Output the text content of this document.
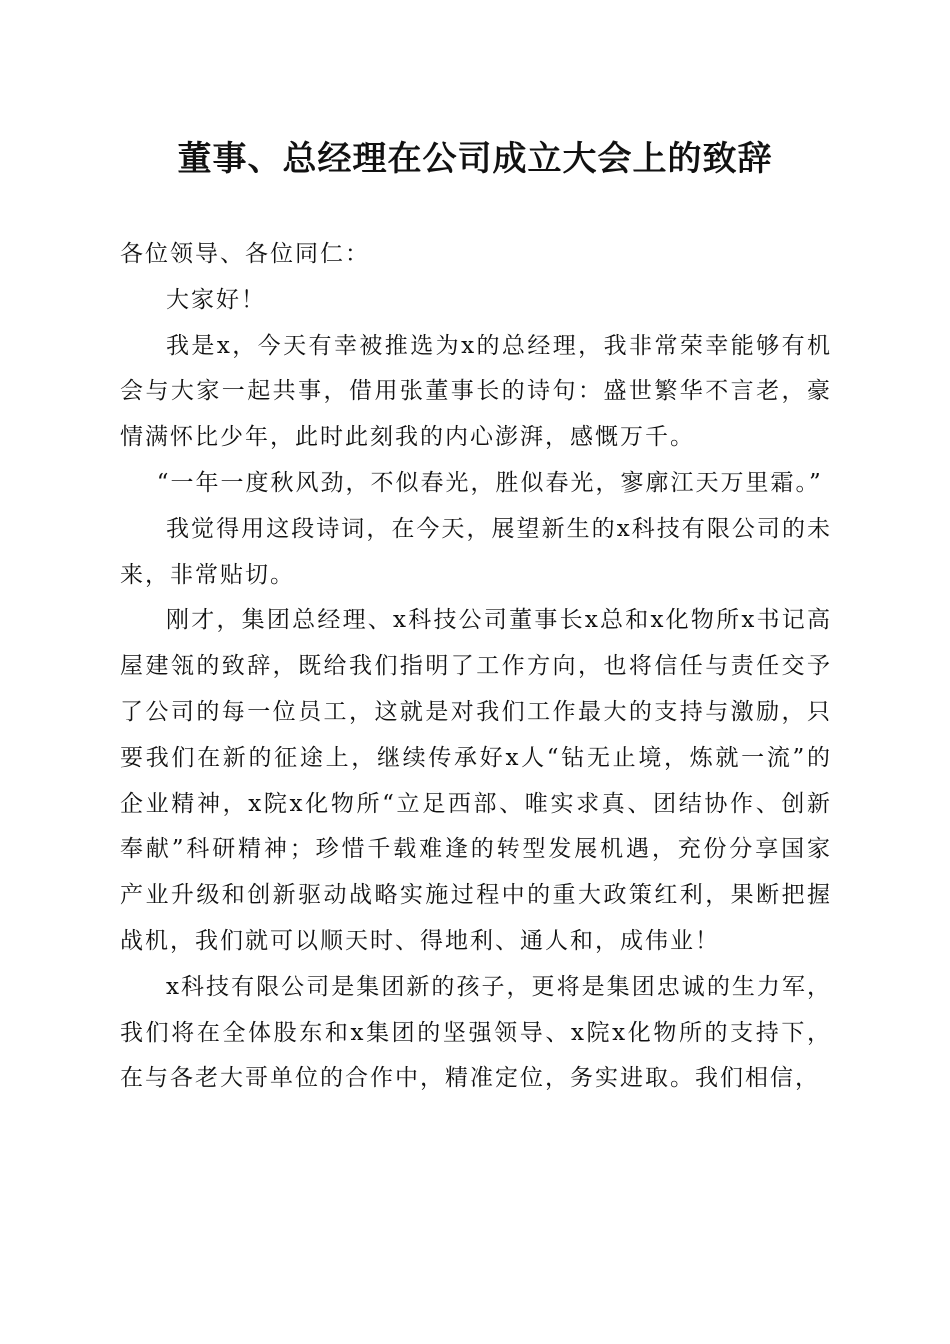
董事、总经理在公司成立大会上的致辞

各位领导、各位同仁：

大家好！

我是x，今天有幸被推选为x的总经理，我非常荣幸能够有机会与大家一起共事，借用张董事长的诗句：盛世繁华不言老，豪情满怀比少年，此时此刻我的内心澎湃，感慨万千。

“一年一度秋风劲，不似春光，胜似春光，寥廓江天万里霜。”

我觉得用这段诗词，在今天，展望新生的x科技有限公司的未来，非常贴切。

刚才，集团总经理、x科技公司董事长x总和x化物所x书记高屋建瓴的致辞，既给我们指明了工作方向，也将信任与责任交予了公司的每一位员工，这就是对我们工作最大的支持与激励，只要我们在新的征途上，继续传承好x人“钻无止境，炼就一流”的企业精神，x院x化物所“立足西部、唯实求真、团结协作、创新奉献”科研精神；珍惜千载难逢的转型发展机遇，充份分享国家产业升级和创新驱动战略实施过程中的重大政策红利，果断把握战机，我们就可以顺天时、得地利、通人和，成伟业！

x科技有限公司是集团新的孩子，更将是集团忠诚的生力军，我们将在全体股东和x集团的坚强领导、x院x化物所的支持下，在与各老大哥单位的合作中，精准定位，务实进取。我们相信，
